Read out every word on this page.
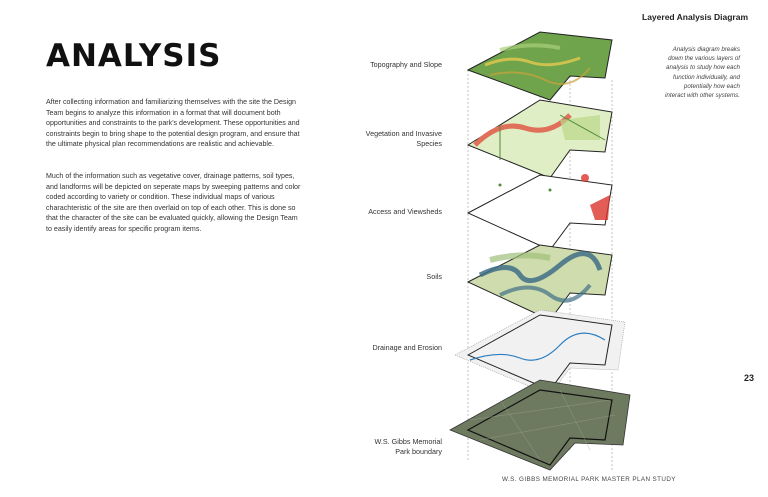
ANALYSIS

After collecting information and familiarizing themselves with the site the Design Team begins to analyze this information in a format that will document both opportunities and constraints to the park's development. These opportunities and constraints begin to bring shape to the potential design program, and ensure that the ultimate physical plan recommendations are realistic and achievable.

Much of the information such as vegetative cover, drainage patterns, soil types, and landforms will be depicted on seperate maps by sweeping patterns and color coded according to variety or condition. These individual maps of various charachteristic of the site are then overlaid on top of each other. This is done so that the character of the site can be evaluated quickly, allowing the Design Team to easily identify areas for specific program items.

Layered Analysis Diagram
Analysis diagram breaks down the various layers of analysis to study how each function individually, and potentially how each interact with other systems.
Topography and Slope
Vegetation and Invasive Species
Access and Viewsheds
Soils
Drainage and Erosion
W.S. Gibbs Memorial Park boundary
23
W.S. GIBBS MEMORIAL PARK MASTER PLAN STUDY
